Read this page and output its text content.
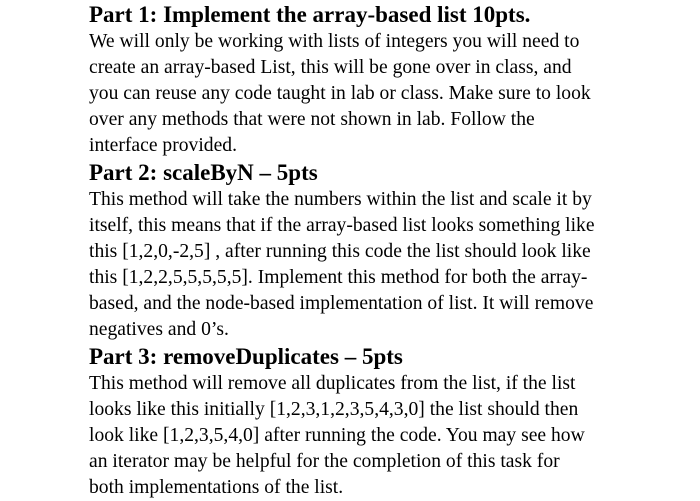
Part 1: Implement the array-based list 10pts.

We will only be working with lists of integers you will need to
create an array-based List, this will be gone over in class, and
you can reuse any code taught in lab or class. Make sure to look
over any methods that were not shown in lab. Follow the
interface provided.

Part 2: scaleByN – 5pts

This method will take the numbers within the list and scale it by
itself, this means that if the array-based list looks something like
this [1,2,0,-2,5] , after running this code the list should look like
this [1,2,2,5,5,5,5,5]. Implement this method for both the array-
based, and the node-based implementation of list. It will remove
negatives and 0’s.

Part 3: removeDuplicates – 5pts

This method will remove all duplicates from the list, if the list
looks like this initially [1,2,3,1,2,3,5,4,3,0] the list should then
look like [1,2,3,5,4,0] after running the code. You may see how
an iterator may be helpful for the completion of this task for
both implementations of the list.
